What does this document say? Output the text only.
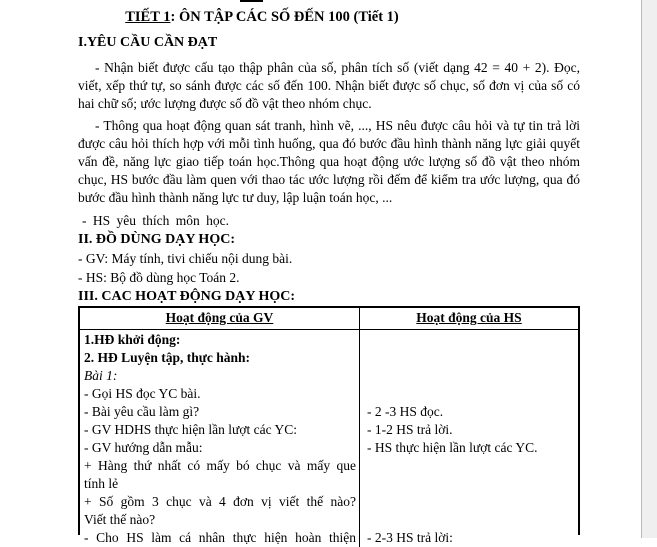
TIẾT 1: ÔN TẬP CÁC SỐ ĐẾN 100 (Tiết 1)
I.YÊU CẦU CẦN ĐẠT
- Nhận biết được cấu tạo thập phân của số, phân tích số (viết dạng 42 = 40 + 2). Đọc, viết, xếp thứ tự, so sánh được các số đến 100. Nhận biết được số chục, số đơn vị của số có hai chữ số; ước lượng được số đồ vật theo nhóm chục.
- Thông qua hoạt động quan sát tranh, hình vẽ, ..., HS nêu được câu hỏi và tự tin trả lời được câu hỏi thích hợp với mỗi tình huống, qua đó bước đầu hình thành năng lực giải quyết vấn đề, năng lực giao tiếp toán học.Thông qua hoạt động ước lượng số đồ vật theo nhóm chục, HS bước đầu làm quen với thao tác ước lượng rồi đếm để kiểm tra ước lượng, qua đó bước đầu hình thành năng lực tư duy, lập luận toán học, ...
- HS yêu thích môn học.
II. ĐỒ DÙNG DẠY HỌC:
- GV: Máy tính, tivi chiếu nội dung bài.
- HS: Bộ đồ dùng học Toán 2.
III. CAC HOẠT ĐỘNG DẠY HỌC:
Hoạt động của GV	Hoạt động của HS
1.HĐ khởi động:
2. HĐ Luyện tập, thực hành:
Bài 1:
- Gọi HS đọc YC bài.
- Bài yêu cầu làm gì?
- GV HDHS thực hiện lần lượt các YC:
- GV hướng dẫn mẫu:
+ Hàng thứ nhất có mấy bó chục và mấy que
tính lẻ
+ Số gồm 3 chục và 4 đơn vị viết thế nào?
Viết thế nào?
- Cho HS làm cá nhân thực hiện hoàn thiện
- 2 -3 HS đọc.
- 1-2 HS trả lời.
- HS thực hiện lần lượt các YC.
- 2-3 HS trả lời:
